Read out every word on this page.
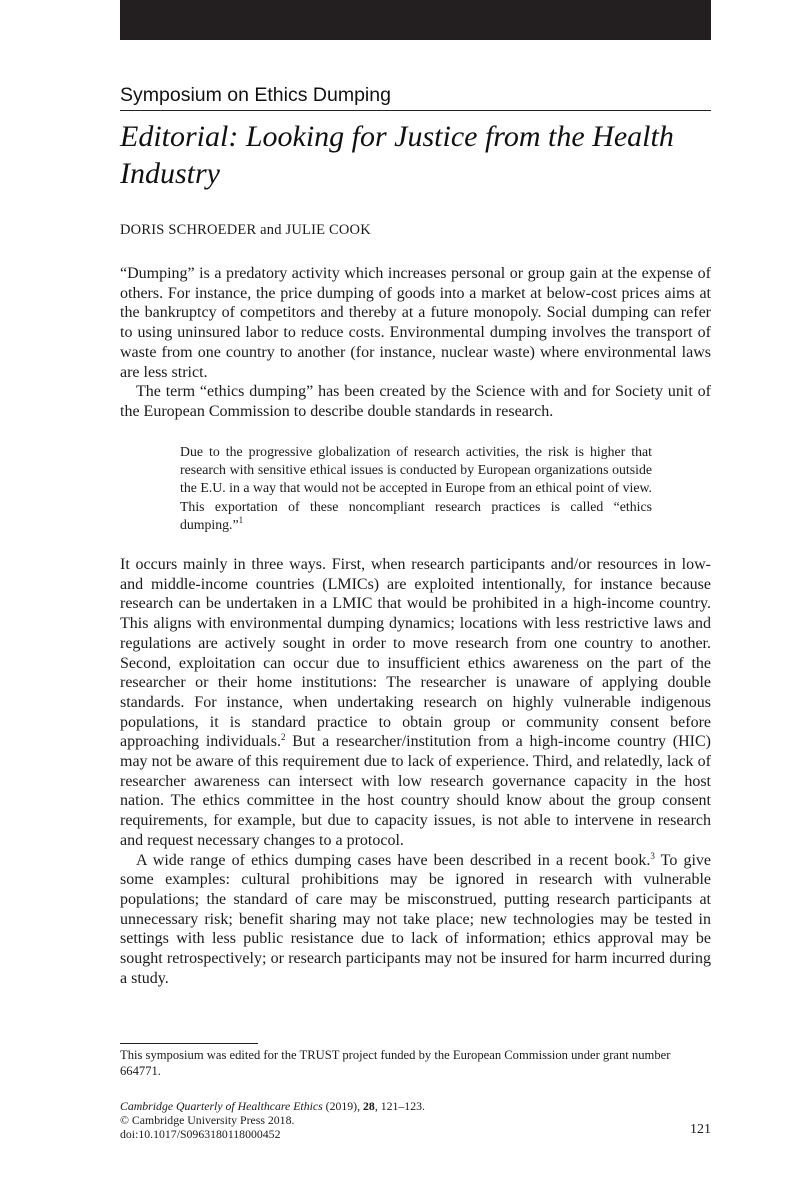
Symposium on Ethics Dumping
Editorial: Looking for Justice from the Health Industry
DORIS SCHROEDER and JULIE COOK

“Dumping” is a predatory activity which increases personal or group gain at the expense of others. For instance, the price dumping of goods into a market at below-cost prices aims at the bankruptcy of competitors and thereby at a future monopoly. Social dumping can refer to using uninsured labor to reduce costs. Environmental dumping involves the transport of waste from one country to another (for instance, nuclear waste) where environmental laws are less strict.

The term “ethics dumping” has been created by the Science with and for Society unit of the European Commission to describe double standards in research.

Due to the progressive globalization of research activities, the risk is higher that research with sensitive ethical issues is conducted by European organizations outside the E.U. in a way that would not be accepted in Europe from an ethical point of view. This exportation of these noncompliant research practices is called “ethics dumping.”$^1$

It occurs mainly in three ways. First, when research participants and/or resources in low- and middle-income countries (LMICs) are exploited intentionally, for instance because research can be undertaken in a LMIC that would be prohibited in a high-income country. This aligns with environmental dumping dynamics; locations with less restrictive laws and regulations are actively sought in order to move research from one country to another. Second, exploitation can occur due to insufficient ethics awareness on the part of the researcher or their home institutions: The researcher is unaware of applying double standards. For instance, when undertaking research on highly vulnerable indigenous populations, it is standard practice to obtain group or community consent before approaching individuals.$^2$ But a researcher/institution from a high-income country (HIC) may not be aware of this requirement due to lack of experience. Third, and relatedly, lack of researcher awareness can intersect with low research governance capacity in the host nation. The ethics committee in the host country should know about the group consent requirements, for example, but due to capacity issues, is not able to intervene in research and request necessary changes to a protocol.

A wide range of ethics dumping cases have been described in a recent book.$^3$ To give some examples: cultural prohibitions may be ignored in research with vulnerable populations; the standard of care may be misconstrued, putting research participants at unnecessary risk; benefit sharing may not take place; new technologies may be tested in settings with less public resistance due to lack of information; ethics approval may be sought retrospectively; or research participants may not be insured for harm incurred during a study.

This symposium was edited for the TRUST project funded by the European Commission under grant number 664771.
Cambridge Quarterly of Healthcare Ethics (2019), 28, 121–123.
© Cambridge University Press 2018.
doi:10.1017/S0963180118000452	121
